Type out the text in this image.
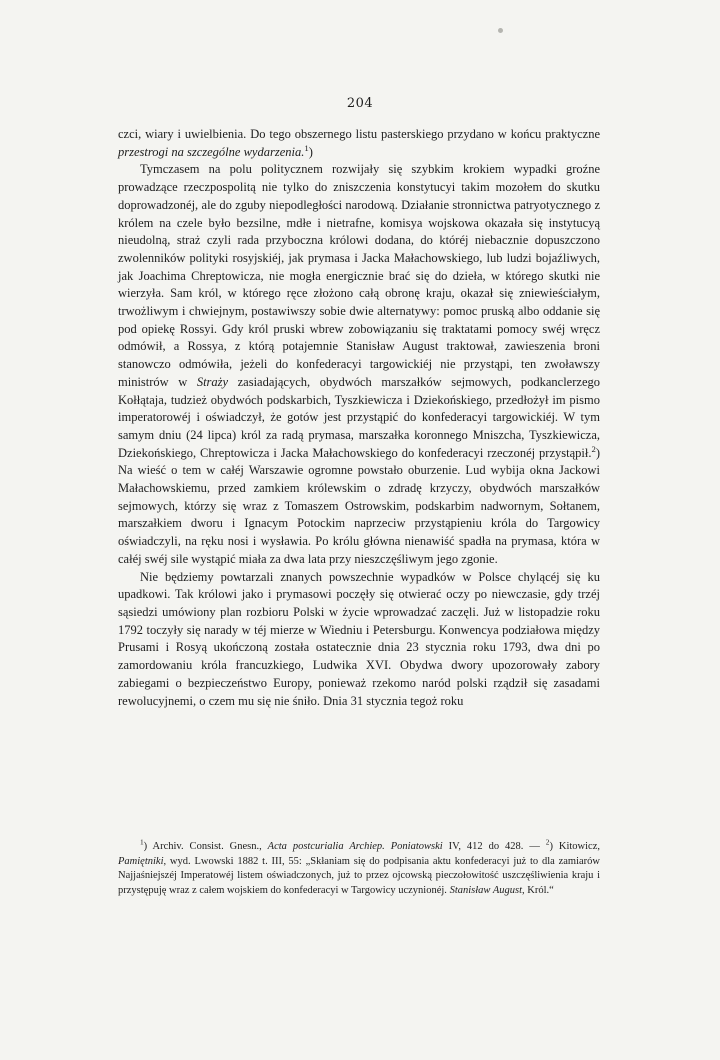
204

czci, wiary i uwielbienia. Do tego obszernego listu pasterskiego przydano w końcu praktyczne przestrogi na szczególne wydarzenia.$^1$)

Tymczasem na polu politycznem rozwijały się szybkim krokiem wypadki groźne prowadzące rzeczpospolitą nie tylko do zniszczenia konstytucyi takim mozołem do skutku doprowadzonéj, ale do zguby niepodległości narodową. Działanie stronnictwa patryotycznego z królem na czele było bezsilne, mdłe i nietrafne, komisya wojskowa okazała się instytucyą nieudolną, straż czyli rada przyboczna królowi dodana, do któréj niebacznie dopuszczono zwolenników polityki rosyjskiéj, jak prymasa i Jacka Małachowskiego, lub ludzi bojaźliwych, jak Joachima Chreptowicza, nie mogła energicznie brać się do dzieła, w którego skutki nie wierzyła. Sam król, w którego ręce złożono całą obronę kraju, okazał się zniewieściałym, trwożliwym i chwiejnym, postawiwszy sobie dwie alternatywy: pomoc pruską albo oddanie się pod opiekę Rossyi. Gdy król pruski wbrew zobowiązaniu się traktatami pomocy swéj wręcz odmówił, a Rossya, z którą potajemnie Stanisław August traktował, zawieszenia broni stanowczo odmówiła, jeżeli do konfederacyi targowickiéj nie przystąpi, ten zwoławszy ministrów w Straży zasiadających, obydwóch marszałków sejmowych, podkanclerzego Kołłątaja, tudzież obydwóch podskarbich, Tyszkiewicza i Dziekońskiego, przedłożył im pismo imperatorowéj i oświadczył, że gotów jest przystąpić do konfederacyi targowickiéj. W tym samym dniu (24 lipca) król za radą prymasa, marszałka koronnego Mniszcha, Tyszkiewicza, Dziekońskiego, Chreptowicza i Jacka Małachowskiego do konfederacyi rzeczonéj przystąpił.$^2$) Na wieść o tem w całéj Warszawie ogromne powstało oburzenie. Lud wybija okna Jackowi Małachowskiemu, przed zamkiem królewskim o zdradę krzyczy, obydwóch marszałków sejmowych, którzy się wraz z Tomaszem Ostrowskim, podskarbim nadwornym, Sołtanem, marszałkiem dworu i Ignacym Potockim naprzeciw przystąpieniu króla do Targowicy oświadczyli, na ręku nosi i wysławia. Po królu główna nienawiść spadła na prymasa, która w całéj swéj sile wystąpić miała za dwa lata przy nieszczęśliwym jego zgonie.

Nie będziemy powtarzali znanych powszechnie wypadków w Polsce chylącéj się ku upadkowi. Tak królowi jako i prymasowi poczęły się otwierać oczy po niewczasie, gdy trzéj sąsiedzi umówiony plan rozbioru Polski w życie wprowadzać zaczęli. Już w listopadzie roku 1792 toczyły się narady w téj mierze w Wiedniu i Petersburgu. Konwencya podziałowa między Prusami i Rosyą ukończoną została ostatecznie dnia 23 stycznia roku 1793, dwa dni po zamordowaniu króla francuzkiego, Ludwika XVI. Obydwa dwory upozorowały zabory zabiegami o bezpieczeństwo Europy, ponieważ rzekomo naród polski rządził się zasadami rewolucyjnemi, o czem mu się nie śniło. Dnia 31 stycznia tegoż roku

$^1$) Archiv. Consist. Gnesn., Acta postcurialia Archiep. Poniatowski IV, 412 do 428. — $^2$) Kitowicz, Pamiętniki, wyd. Lwowski 1882 t. III, 55: „Skłaniam się do podpisania aktu konfederacyi już to dla zamiarów Najjaśniejszéj Imperatowéj listem oświadczonych, już to przez ojcowską pieczołowitość uszczęśliwienia kraju i przystępuję wraz z całem wojskiem do konfederacyi w Targowicy uczynionéj. Stanisław August, Król.“
